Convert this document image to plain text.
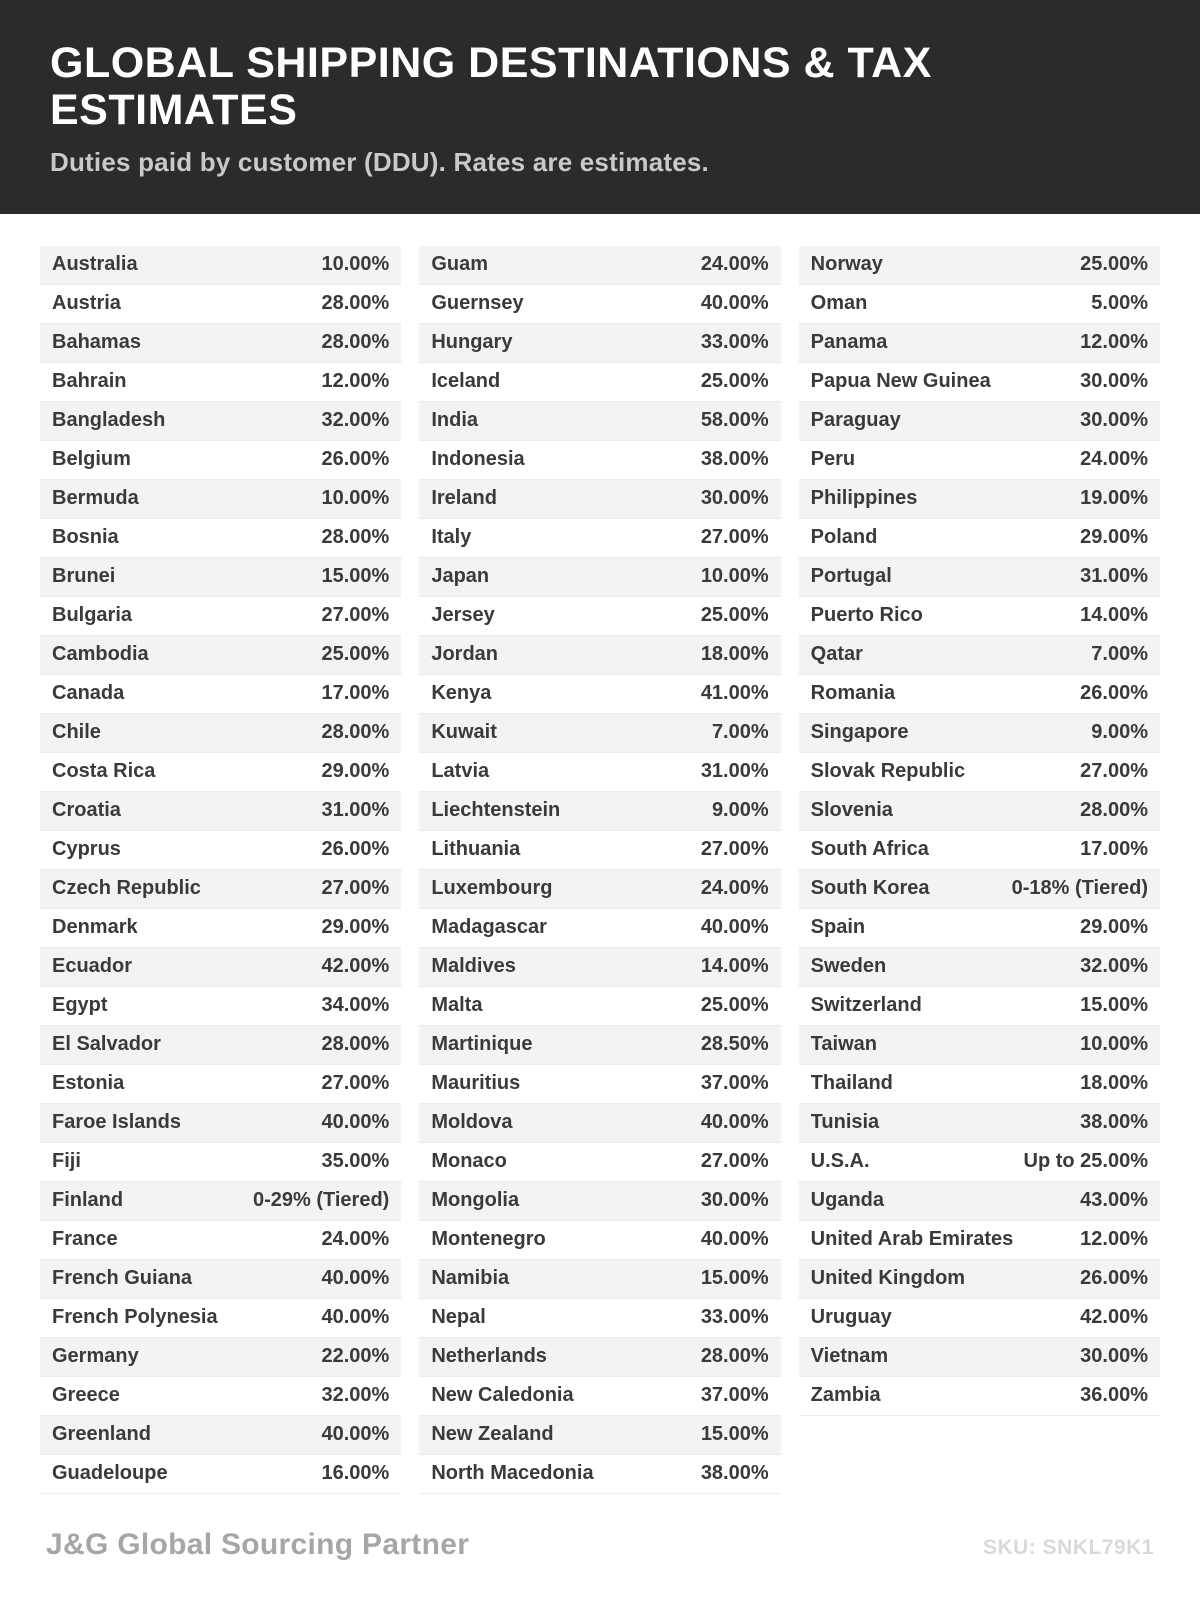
GLOBAL SHIPPING DESTINATIONS & TAX ESTIMATES

Duties paid by customer (DDU). Rates are estimates.

Australia	10.00%
Austria	28.00%
Bahamas	28.00%
Bahrain	12.00%
Bangladesh	32.00%
Belgium	26.00%
Bermuda	10.00%
Bosnia	28.00%
Brunei	15.00%
Bulgaria	27.00%
Cambodia	25.00%
Canada	17.00%
Chile	28.00%
Costa Rica	29.00%
Croatia	31.00%
Cyprus	26.00%
Czech Republic	27.00%
Denmark	29.00%
Ecuador	42.00%
Egypt	34.00%
El Salvador	28.00%
Estonia	27.00%
Faroe Islands	40.00%
Fiji	35.00%
Finland	0-29% (Tiered)
France	24.00%
French Guiana	40.00%
French Polynesia	40.00%
Germany	22.00%
Greece	32.00%
Greenland	40.00%
Guadeloupe	16.00%
Guam	24.00%
Guernsey	40.00%
Hungary	33.00%
Iceland	25.00%
India	58.00%
Indonesia	38.00%
Ireland	30.00%
Italy	27.00%
Japan	10.00%
Jersey	25.00%
Jordan	18.00%
Kenya	41.00%
Kuwait	7.00%
Latvia	31.00%
Liechtenstein	9.00%
Lithuania	27.00%
Luxembourg	24.00%
Madagascar	40.00%
Maldives	14.00%
Malta	25.00%
Martinique	28.50%
Mauritius	37.00%
Moldova	40.00%
Monaco	27.00%
Mongolia	30.00%
Montenegro	40.00%
Namibia	15.00%
Nepal	33.00%
Netherlands	28.00%
New Caledonia	37.00%
New Zealand	15.00%
North Macedonia	38.00%
Norway	25.00%
Oman	5.00%
Panama	12.00%
Papua New Guinea	30.00%
Paraguay	30.00%
Peru	24.00%
Philippines	19.00%
Poland	29.00%
Portugal	31.00%
Puerto Rico	14.00%
Qatar	7.00%
Romania	26.00%
Singapore	9.00%
Slovak Republic	27.00%
Slovenia	28.00%
South Africa	17.00%
South Korea	0-18% (Tiered)
Spain	29.00%
Sweden	32.00%
Switzerland	15.00%
Taiwan	10.00%
Thailand	18.00%
Tunisia	38.00%
U.S.A.	Up to 25.00%
Uganda	43.00%
United Arab Emirates	12.00%
United Kingdom	26.00%
Uruguay	42.00%
Vietnam	30.00%
Zambia	36.00%
J&G Global Sourcing Partner	SKU: SNKL79K1
